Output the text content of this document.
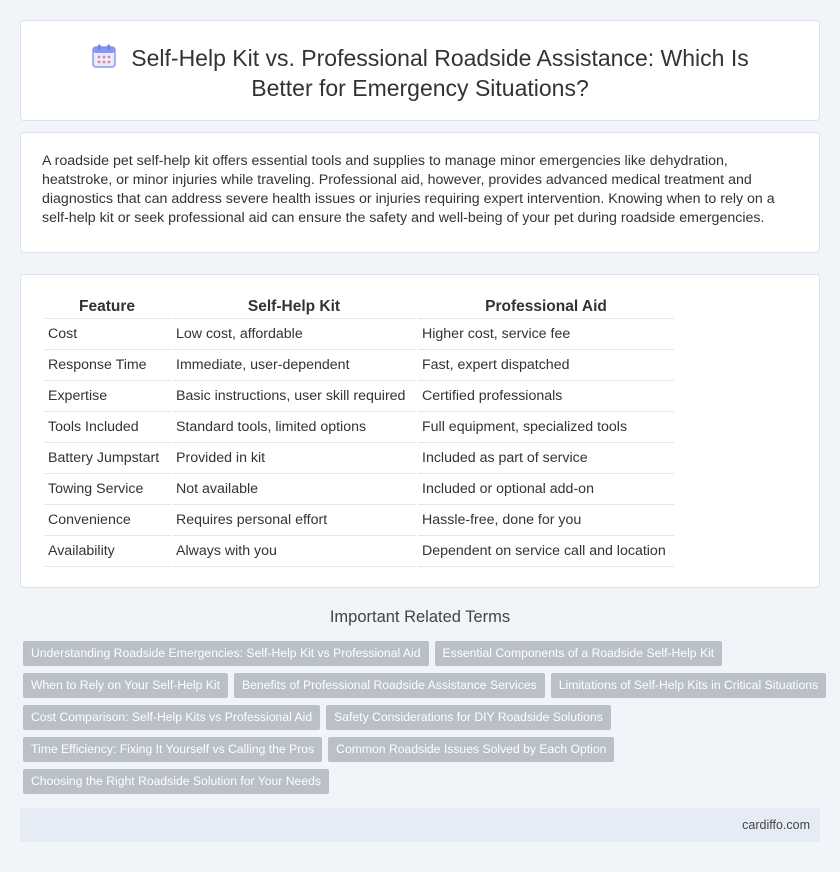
Self-Help Kit vs. Professional Roadside Assistance: Which Is Better for Emergency Situations?

A roadside pet self-help kit offers essential tools and supplies to manage minor emergencies like dehydration, heatstroke, or minor injuries while traveling. Professional aid, however, provides advanced medical treatment and diagnostics that can address severe health issues or injuries requiring expert intervention. Knowing when to rely on a self-help kit or seek professional aid can ensure the safety and well-being of your pet during roadside emergencies.

Feature	Self-Help Kit	Professional Aid
Cost	Low cost, affordable	Higher cost, service fee
Response Time	Immediate, user-dependent	Fast, expert dispatched
Expertise	Basic instructions, user skill required	Certified professionals
Tools Included	Standard tools, limited options	Full equipment, specialized tools
Battery Jumpstart	Provided in kit	Included as part of service
Towing Service	Not available	Included or optional add-on
Convenience	Requires personal effort	Hassle-free, done for you
Availability	Always with you	Dependent on service call and location
Important Related Terms
Understanding Roadside Emergencies: Self-Help Kit vs Professional Aid Essential Components of a Roadside Self-Help Kit
When to Rely on Your Self-Help Kit Benefits of Professional Roadside Assistance Services Limitations of Self-Help Kits in Critical Situations
Cost Comparison: Self-Help Kits vs Professional Aid Safety Considerations for DIY Roadside Solutions
Time Efficiency: Fixing It Yourself vs Calling the Pros Common Roadside Issues Solved by Each Option
Choosing the Right Roadside Solution for Your Needs
cardiffo.com
